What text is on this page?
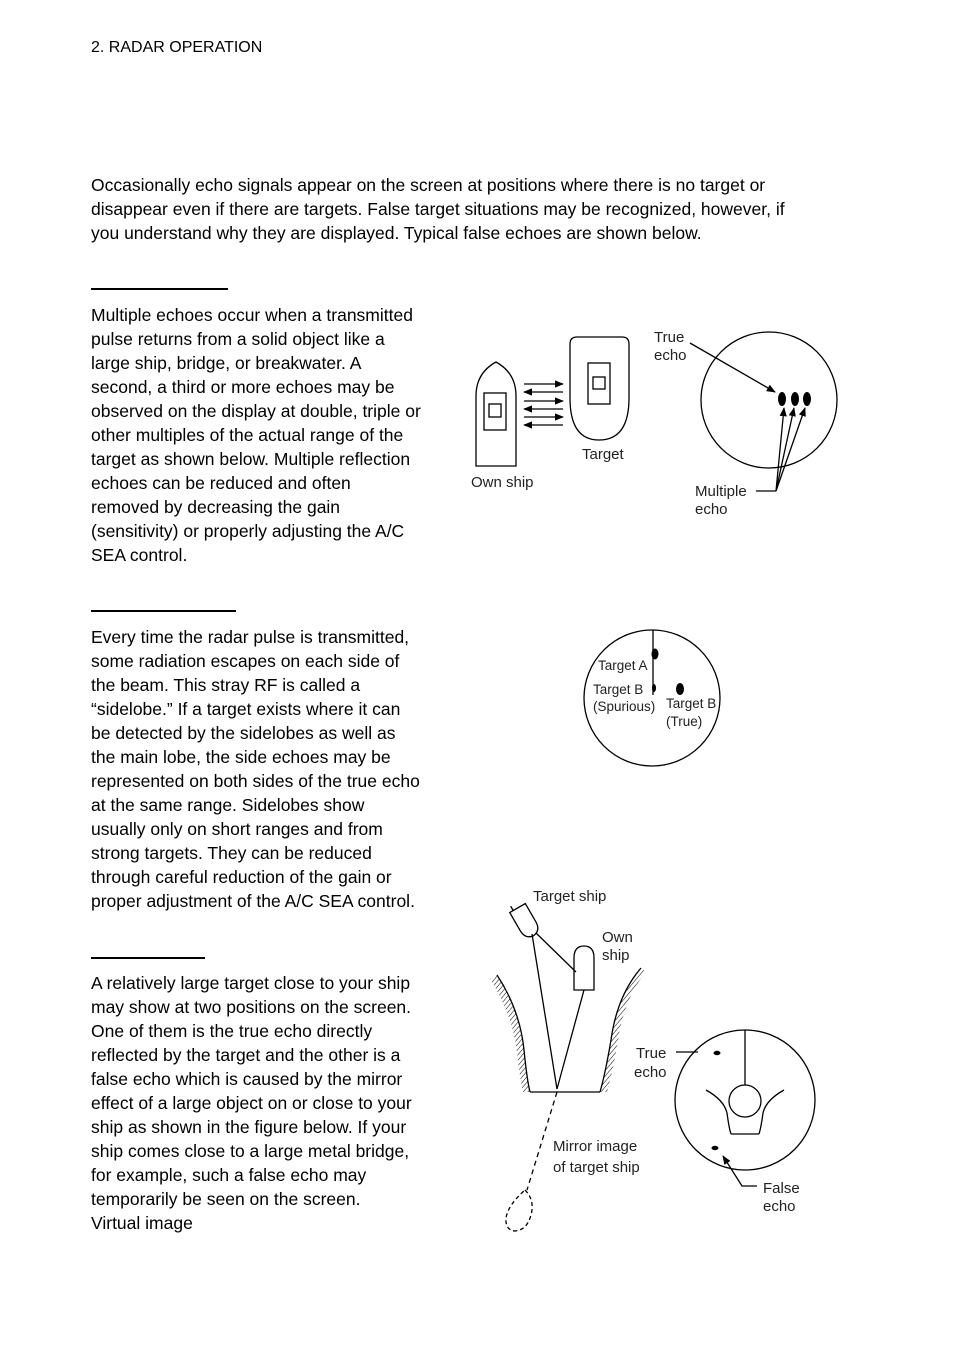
2. RADAR OPERATION
Occasionally echo signals appear on the screen at positions where there is no target or
disappear even if there are targets. False target situations may be recognized, however, if
you understand why they are displayed. Typical false echoes are shown below.
Multiple echoes occur when a transmitted
pulse returns from a solid object like a
large ship, bridge, or breakwater. A
second, a third or more echoes may be
observed on the display at double, triple or
other multiples of the actual range of the
target as shown below. Multiple reflection
echoes can be reduced and often
removed by decreasing the gain
(sensitivity) or properly adjusting the A/C
SEA control.
Every time the radar pulse is transmitted,
some radiation escapes on each side of
the beam. This stray RF is called a
“sidelobe.” If a target exists where it can
be detected by the sidelobes as well as
the main lobe, the side echoes may be
represented on both sides of the true echo
at the same range. Sidelobes show
usually only on short ranges and from
strong targets. They can be reduced
through careful reduction of the gain or
proper adjustment of the A/C SEA control.
A relatively large target close to your ship
may show at two positions on the screen.
One of them is the true echo directly
reflected by the target and the other is a
false echo which is caused by the mirror
effect of a large object on or close to your
ship as shown in the figure below. If your
ship comes close to a large metal bridge,
for example, such a false echo may
temporarily be seen on the screen.
Virtual image
True
echo
Target
Own ship
Multiple
echo
Target A
Target B
(Spurious) Target B
(True)
Target ship
Own
ship
Mirror image
of target ship
True
echo
False
echo
